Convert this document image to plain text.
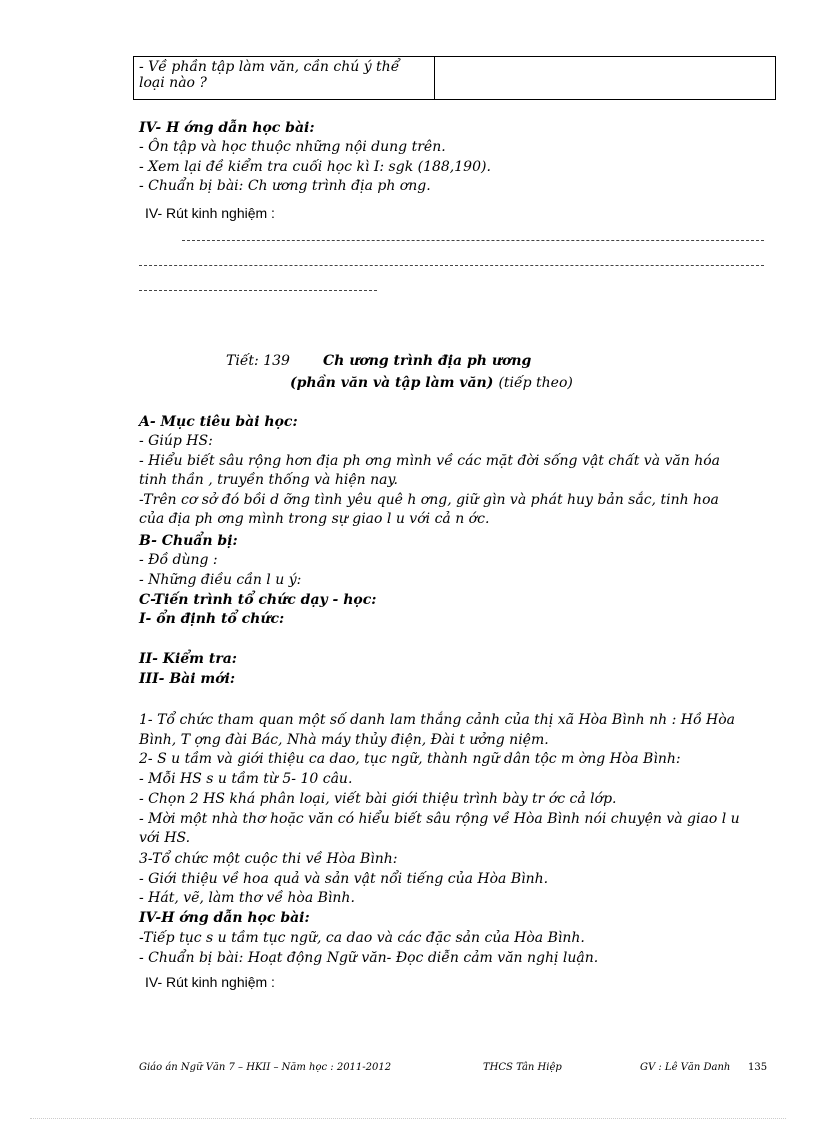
- Về phần tập làm văn, cần chú ý thể loại nào ?	
IV- H ớng dẫn học bài:
- Ôn tập và học thuộc những nội dung trên.
- Xem lại đề kiểm tra cuối học kì I: sgk (188,190).
- Chuẩn bị bài: Ch ương trình địa ph ơng.
IV- Rút kinh nghiệm :
Tiết: 139 Ch ương trình địa ph ương
(phần văn và tập làm văn) (tiếp theo)
A- Mục tiêu bài học:
- Giúp HS:
- Hiểu biết sâu rộng hơn địa ph ơng mình về các mặt đời sống vật chất và văn hóa
tinh thần , truyền thống và hiện nay.
-Trên cơ sở đó bồi d ỡng tình yêu quê h ơng, giữ gìn và phát huy bản sắc, tinh hoa
của địa ph ơng mình trong sự giao l u với cả n ớc.
B- Chuẩn bị:
- Đồ dùng :
- Những điều cần l u ý:
C-Tiến trình tổ chức dạy - học:
I- ổn định tổ chức:
II- Kiểm tra:
III- Bài mới:
1- Tổ chức tham quan một số danh lam thắng cảnh của thị xã Hòa Bình nh : Hồ Hòa
Bình, T ợng đài Bác, Nhà máy thủy điện, Đài t ưởng niệm.
2- S u tầm và giới thiệu ca dao, tục ngữ, thành ngữ dân tộc m ờng Hòa Bình:
- Mỗi HS s u tầm từ 5- 10 câu.
- Chọn 2 HS khá phân loại, viết bài giới thiệu trình bày tr ớc cả lớp.
- Mời một nhà thơ hoặc văn có hiểu biết sâu rộng về Hòa Bình nói chuyện và giao l u
với HS.
3-Tổ chức một cuộc thi về Hòa Bình:
- Giới thiệu về hoa quả và sản vật nổi tiếng của Hòa Bình.
- Hát, vẽ, làm thơ về hòa Bình.
IV-H ớng dẫn học bài:
-Tiếp tục s u tầm tục ngữ, ca dao và các đặc sản của Hòa Bình.
- Chuẩn bị bài: Hoạt động Ngữ văn- Đọc diễn cảm văn nghị luận.
IV- Rút kinh nghiệm :
Giáo án Ngữ Văn 7 – HKII – Năm học : 2011-2012	THCS Tân Hiệp	GV : Lê Văn Danh 135
